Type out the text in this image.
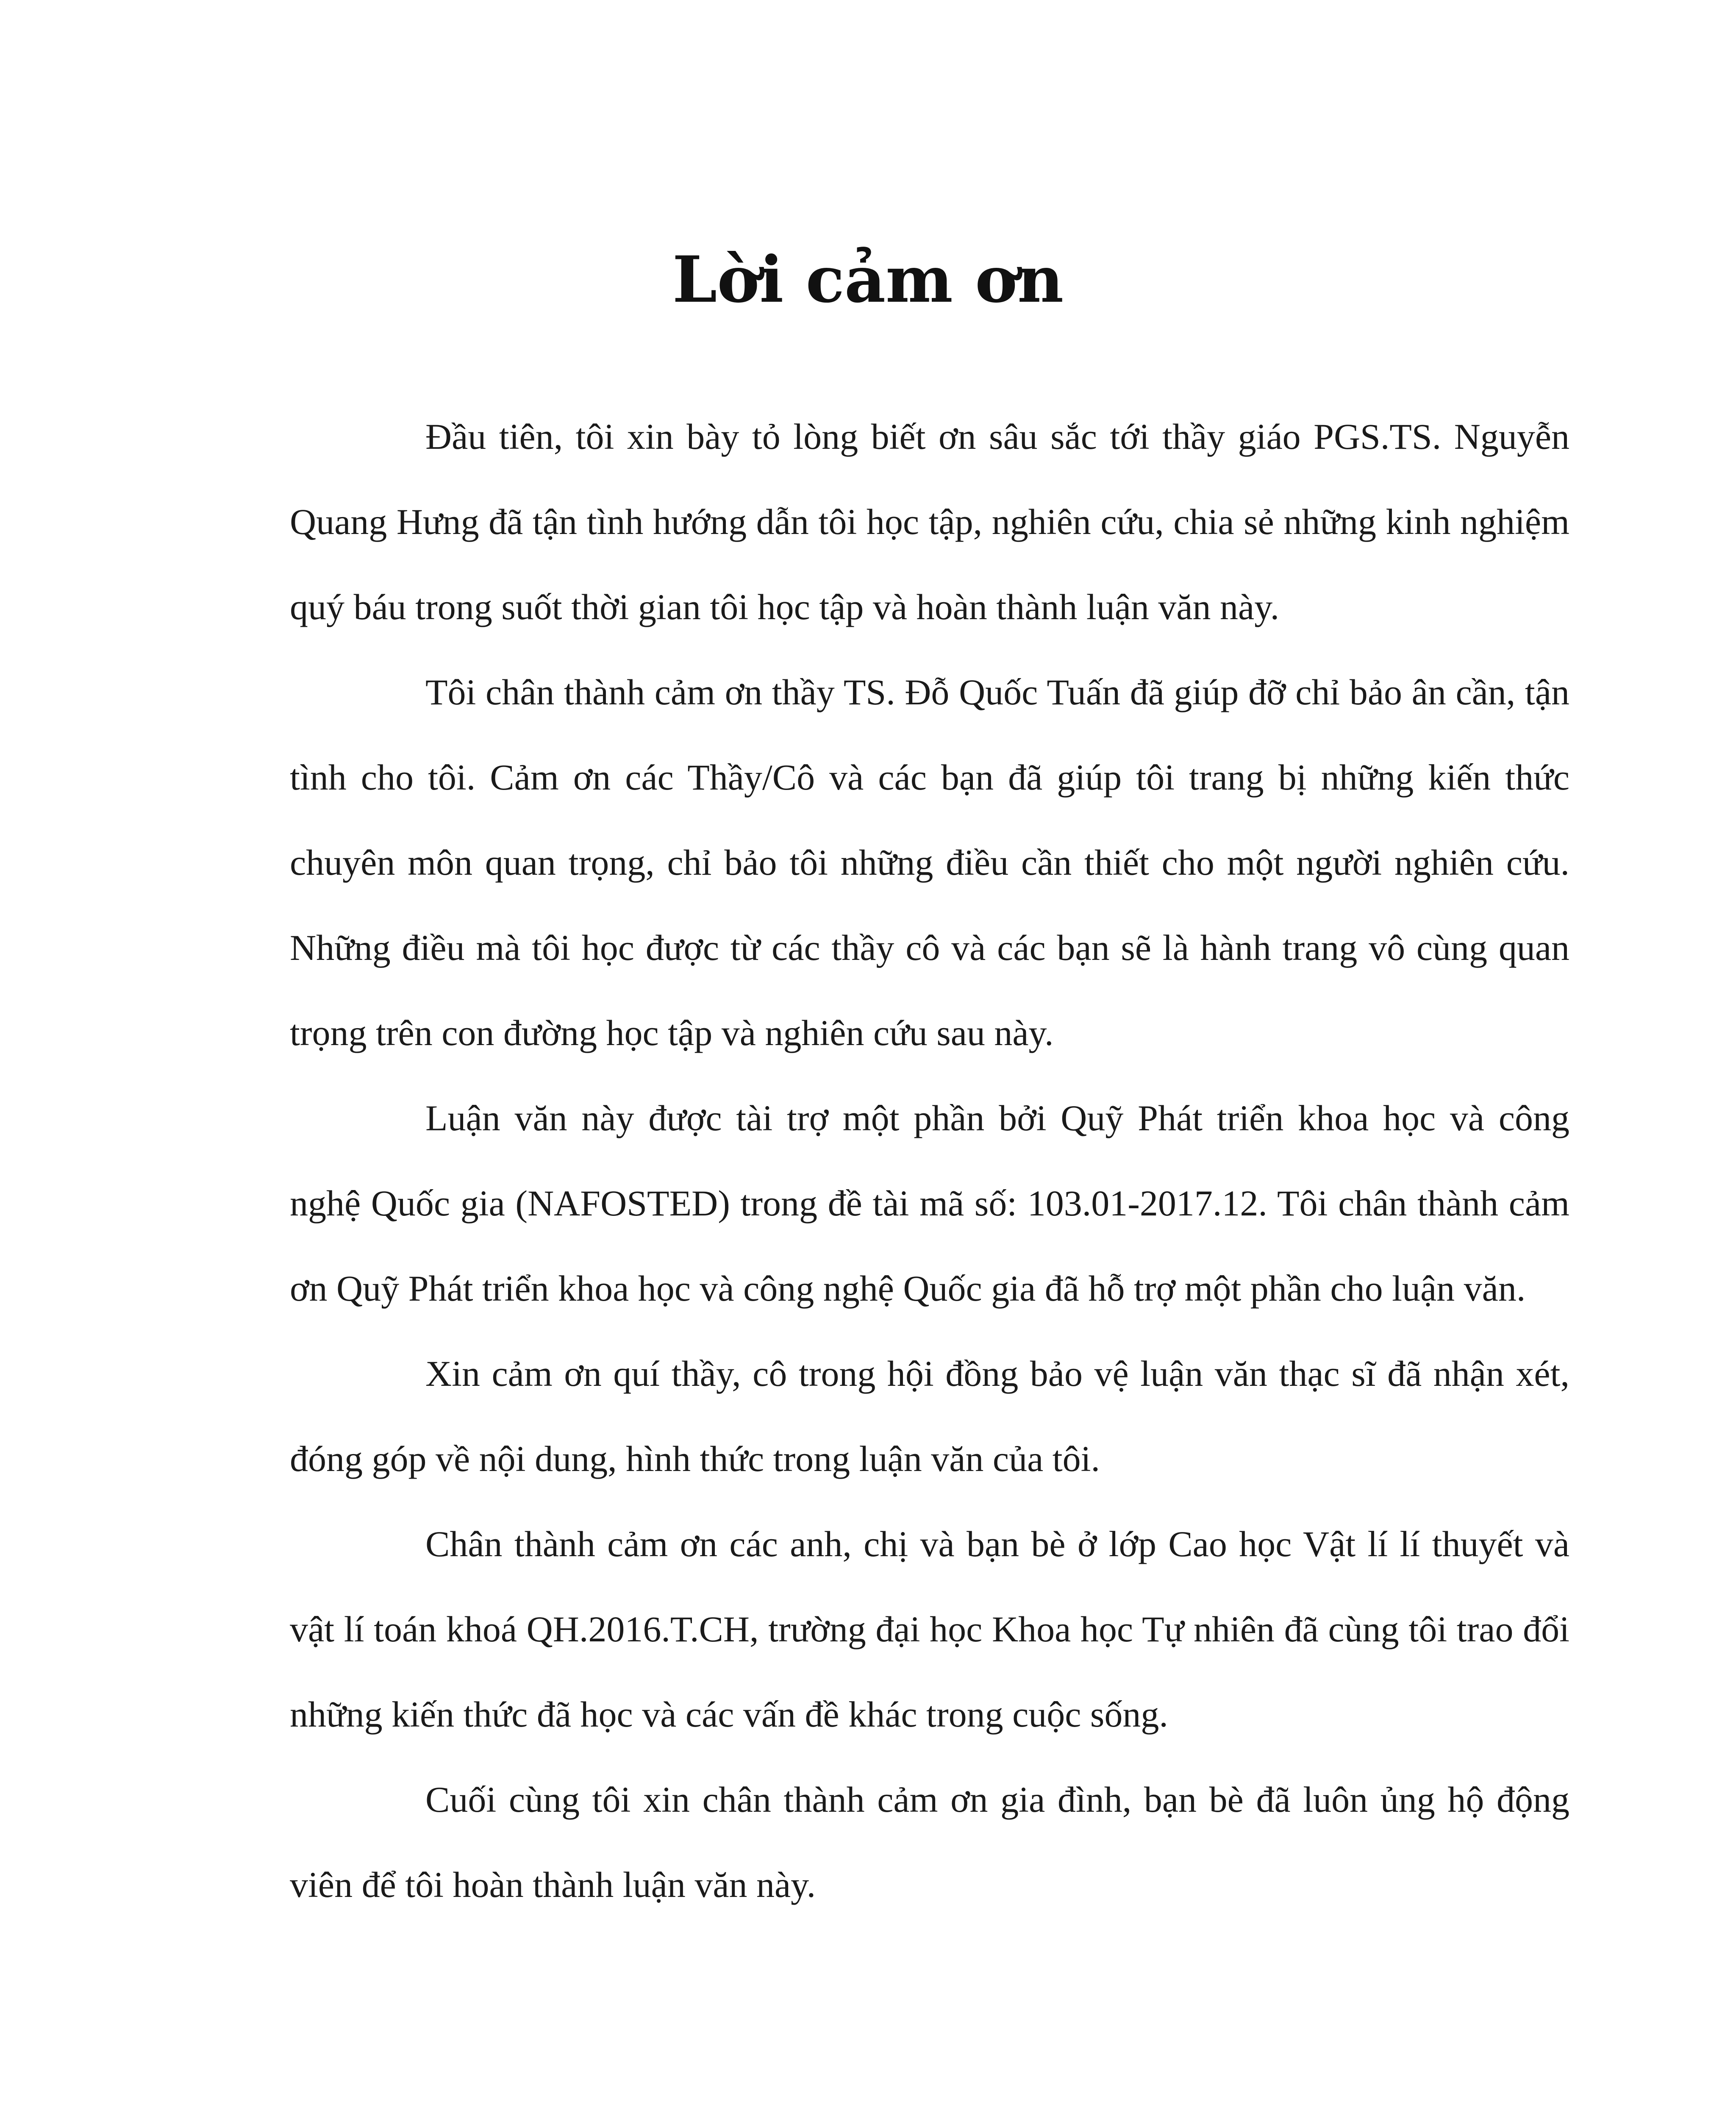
Lời cảm ơn

Đầu tiên, tôi xin bày tỏ lòng biết ơn sâu sắc tới thầy giáo PGS.TS. Nguyễn Quang Hưng đã tận tình hướng dẫn tôi học tập, nghiên cứu, chia sẻ những kinh nghiệm quý báu trong suốt thời gian tôi học tập và hoàn thành luận văn này.

Tôi chân thành cảm ơn thầy TS. Đỗ Quốc Tuấn đã giúp đỡ chỉ bảo ân cần, tận tình cho tôi. Cảm ơn các Thầy/Cô và các bạn đã giúp tôi trang bị những kiến thức chuyên môn quan trọng, chỉ bảo tôi những điều cần thiết cho một người nghiên cứu. Những điều mà tôi học được từ các thầy cô và các bạn sẽ là hành trang vô cùng quan trọng trên con đường học tập và nghiên cứu sau này.

Luận văn này được tài trợ một phần bởi Quỹ Phát triển khoa học và công nghệ Quốc gia (NAFOSTED) trong đề tài mã số: 103.01-2017.12. Tôi chân thành cảm ơn Quỹ Phát triển khoa học và công nghệ Quốc gia đã hỗ trợ một phần cho luận văn.

Xin cảm ơn quí thầy, cô trong hội đồng bảo vệ luận văn thạc sĩ đã nhận xét, đóng góp về nội dung, hình thức trong luận văn của tôi.

Chân thành cảm ơn các anh, chị và bạn bè ở lớp Cao học Vật lí lí thuyết và vật lí toán khoá QH.2016.T.CH, trường đại học Khoa học Tự nhiên đã cùng tôi trao đổi những kiến thức đã học và các vấn đề khác trong cuộc sống.

Cuối cùng tôi xin chân thành cảm ơn gia đình, bạn bè đã luôn ủng hộ động viên để tôi hoàn thành luận văn này.
